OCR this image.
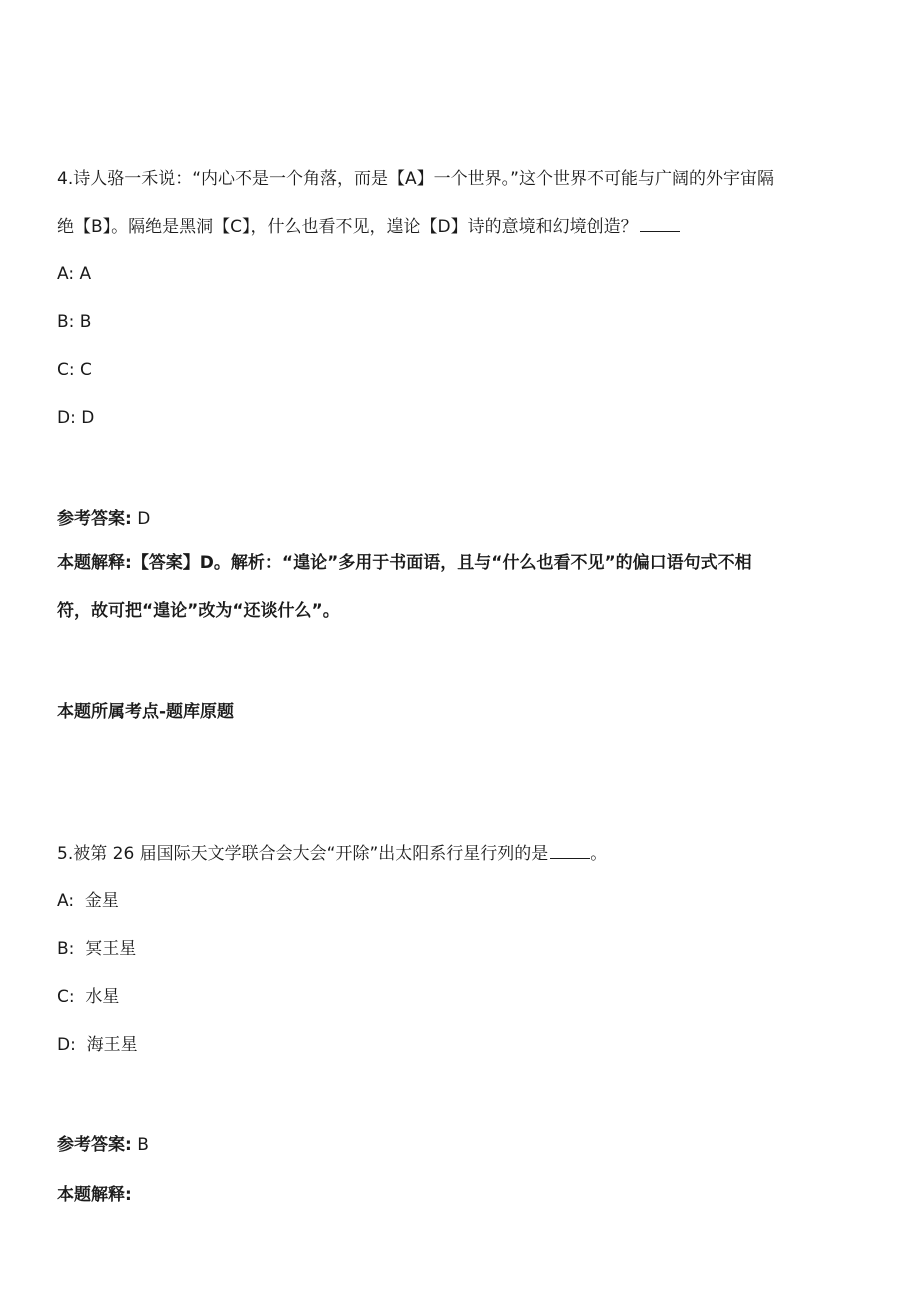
4.诗人骆一禾说：“内心不是一个角落，而是【A】一个世界。”这个世界不可能与广阔的外宇宙隔
绝【B】。隔绝是黑洞【C】，什么也看不见，遑论【D】诗的意境和幻境创造？

A: A

B: B

C: C

D: D

参考答案: D

本题解释:【答案】D。解析：“遑论”多用于书面语，且与“什么也看不见”的偏口语句式不相
符，故可把“遑论”改为“还谈什么”。

本题所属考点-题库原题

5.被第 26 届国际天文学联合会大会“开除”出太阳系行星行列的是 。

A: 金星

B: 冥王星

C: 水星

D: 海王星

参考答案: B

本题解释:
